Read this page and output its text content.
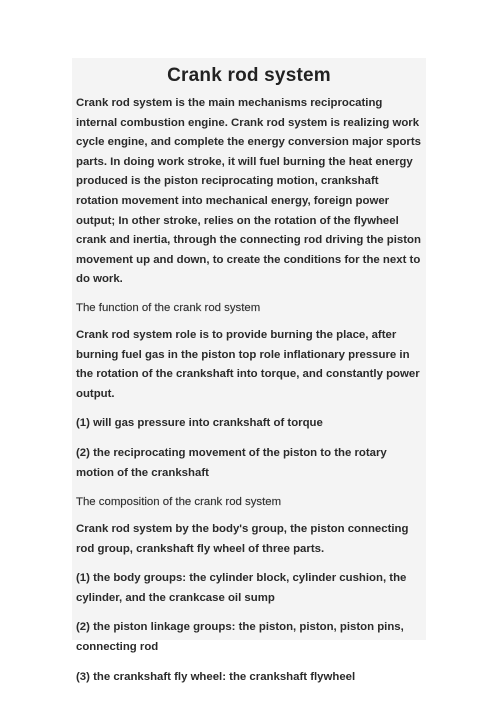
Crank rod system

Crank rod system is the main mechanisms reciprocating internal combustion engine. Crank rod system is realizing work cycle engine, and complete the energy conversion major sports parts. In doing work stroke, it will fuel burning the heat energy produced is the piston reciprocating motion, crankshaft rotation movement into mechanical energy, foreign power output; In other stroke, relies on the rotation of the flywheel crank and inertia, through the connecting rod driving the piston movement up and down, to create the conditions for the next to do work.

The function of the crank rod system

Crank rod system role is to provide burning the place, after burning fuel gas in the piston top role inflationary pressure in the rotation of the crankshaft into torque, and constantly power output.

(1) will gas pressure into crankshaft of torque

(2) the reciprocating movement of the piston to the rotary motion of the crankshaft

The composition of the crank rod system

Crank rod system by the body's group, the piston connecting rod group, crankshaft fly wheel of three parts.

(1) the body groups: the cylinder block, cylinder cushion, the cylinder, and the crankcase oil sump

(2) the piston linkage groups: the piston, piston, piston pins, connecting rod

(3) the crankshaft fly wheel: the crankshaft flywheel
